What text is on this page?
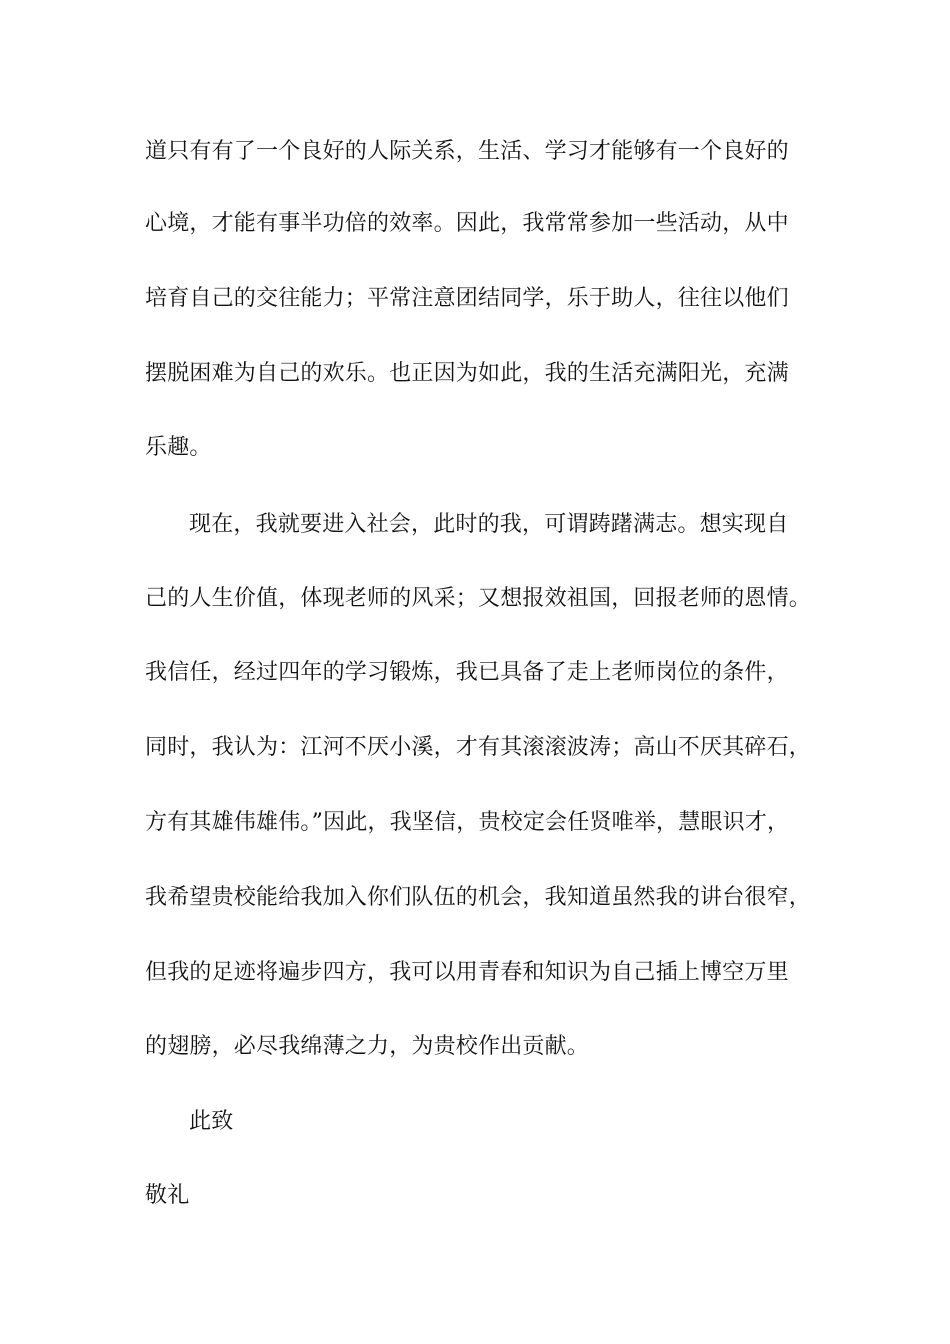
道只有有了一个良好的人际关系，生活、学习才能够有一个良好的
心境，才能有事半功倍的效率。因此，我常常参加一些活动，从中
培育自己的交往能力；平常注意团结同学，乐于助人，往往以他们
摆脱困难为自己的欢乐。也正因为如此，我的生活充满阳光，充满
乐趣。
现在，我就要进入社会，此时的我，可谓踌躇满志。想实现自
己的人生价值，体现老师的风采；又想报效祖国，回报老师的恩情。
我信任，经过四年的学习锻炼，我已具备了走上老师岗位的条件，
同时，我认为：江河不厌小溪，才有其滚滚波涛；高山不厌其碎石，
方有其雄伟雄伟。”因此，我坚信，贵校定会任贤唯举，慧眼识才，
我希望贵校能给我加入你们队伍的机会，我知道虽然我的讲台很窄，
但我的足迹将遍步四方，我可以用青春和知识为自己插上博空万里
的翅膀，必尽我绵薄之力，为贵校作出贡献。
此致
敬礼
